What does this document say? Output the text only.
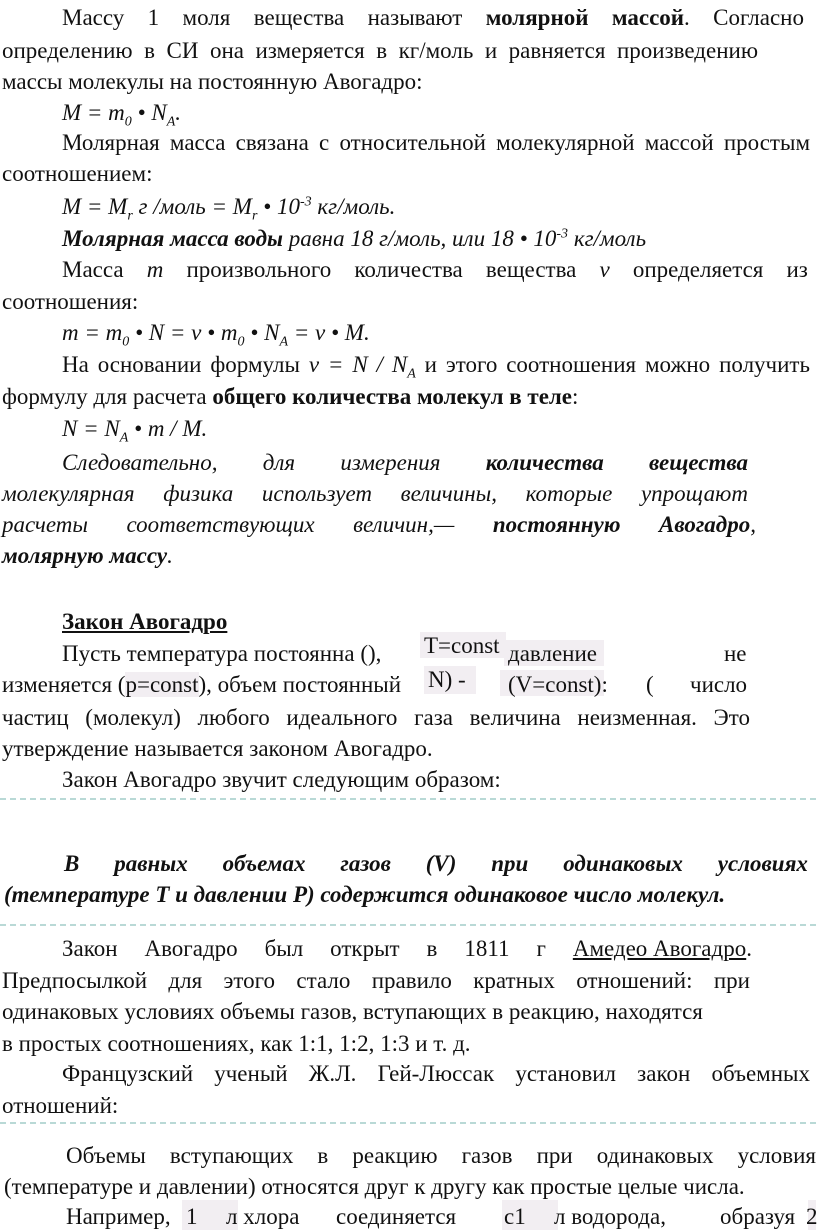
Массу 1 моля вещества называют молярной массой. Согласно
определению в СИ она измеряется в кг/моль и равняется произведению
массы молекулы на постоянную Авогадро:
$M = m_0$ • $N_A$.
Молярная масса связана с относительной молекулярной массой простым
соотношением:
$M = M_r$ г /моль = $M_r$ • $10^{-3}$ кг/моль.
Молярная масса воды равна 18 г/моль, или 18 • $10^{-3}$ кг/моль
Масса m произвольного количества вещества ν определяется из
соотношения:
$m = m_0$ • N = ν • $m_0$ • $N_A = \nu$ • M.
На основании формулы $\nu = N / N_A$ и этого соотношения можно получить
формулу для расчета общего количества молекул в теле:
$N = N_A$ • m / M.
Следовательно, для измерения количества вещества
молекулярная физика использует величины, которые упрощают
расчеты соответствующих величин,— постоянную Авогадро,
молярную массу.
Закон Авогадро
T=const
Пусть температура постоянна (),	давление	не
изменяется (p=const), объем постоянный N) - (V=const): ( число
частиц (молекул) любого идеального газа величина неизменная. Это
утверждение называется законом Авогадро.
Закон Авогадро звучит следующим образом:
В равных объемах газов (V) при одинаковых условиях
(температуре T и давлении P) содержится одинаковое число молекул.
Закон Авогадро был открыт в 1811 г Амедео Авогадро.
Предпосылкой для этого стало правило кратных отношений: при
одинаковых условиях объемы газов, вступающих в реакцию, находятся
в простых соотношениях, как 1:1, 1:2, 1:3 и т. д.
Французский ученый Ж.Л. Гей-Люссак установил закон объемных
отношений:
Объемы вступающих в реакцию газов при одинаковых условия
(температуре и давлении) относятся друг к другу как простые целые числа.
Например, 1 л хлора соединяется с1 л водорода, образуя 2
